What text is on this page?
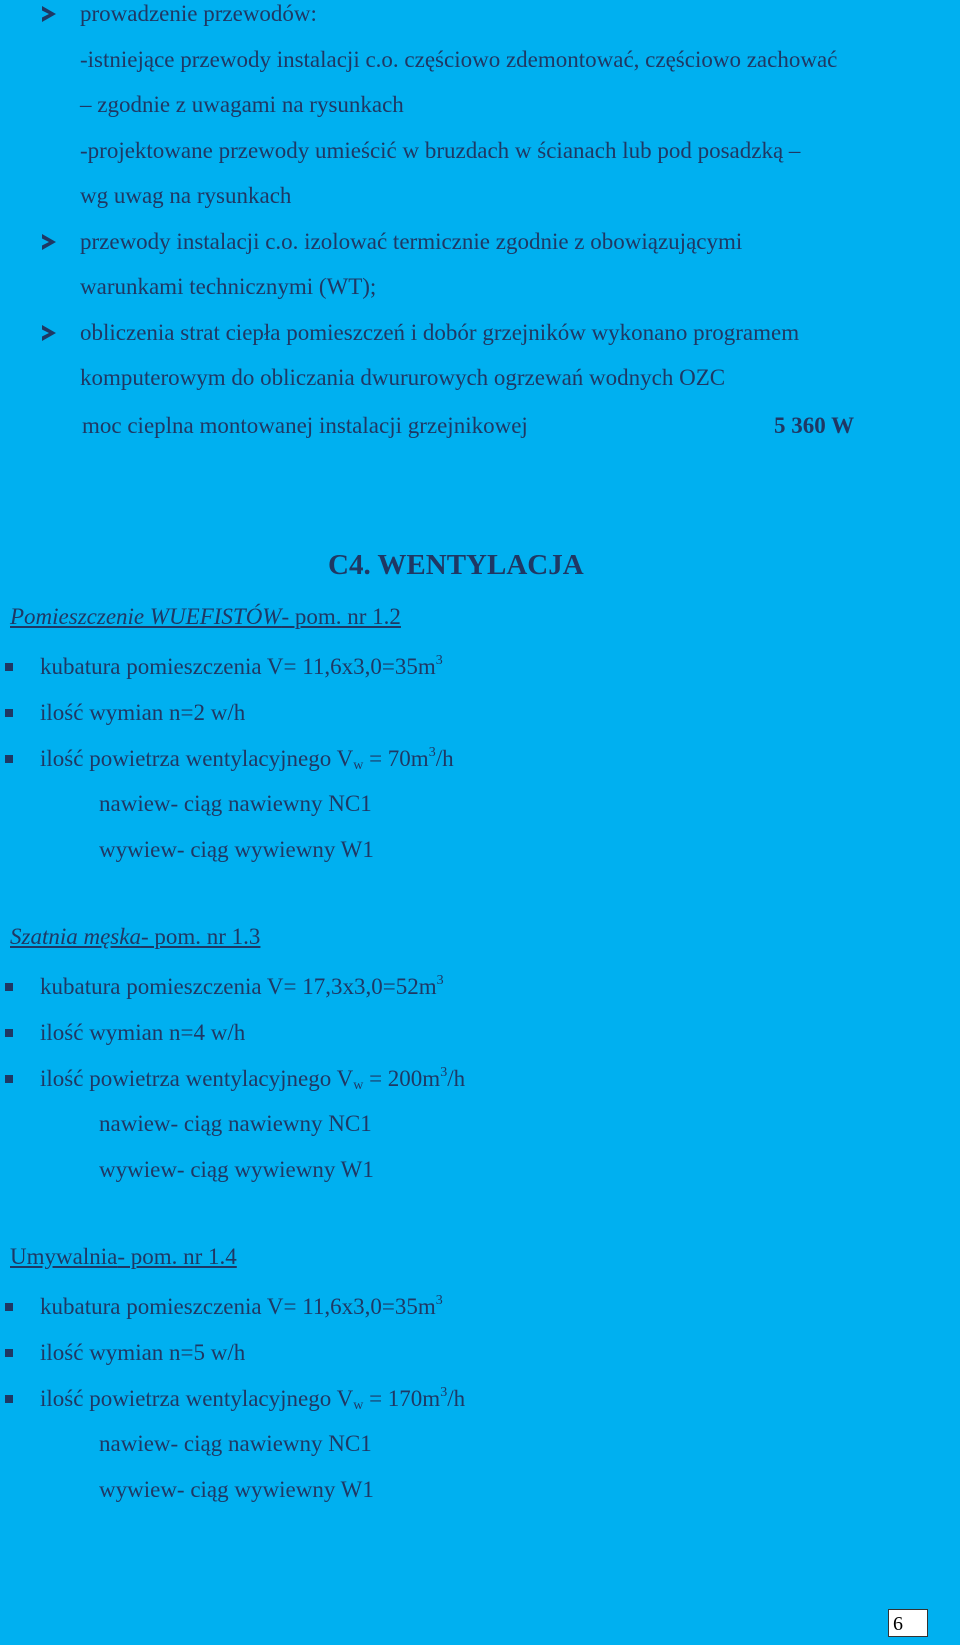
prowadzenie przewodów:
-istniejące przewody instalacji c.o. częściowo zdemontować, częściowo zachować
– zgodnie z uwagami na rysunkach
-projektowane przewody umieścić w bruzdach w ścianach lub pod posadzką –
wg uwag na rysunkach
przewody instalacji c.o. izolować termicznie zgodnie z obowiązującymi
warunkami technicznymi (WT);
obliczenia strat ciepła pomieszczeń i dobór grzejników wykonano programem
komputerowym do obliczania dwururowych ogrzewań wodnych OZC
moc cieplna montowanej instalacji grzejnikowej	5 360 W
C4. WENTYLACJA
Pomieszczenie WUEFISTÓW- pom. nr 1.2
kubatura pomieszczenia $V= 11,6x3,0=35m^3$
ilość wymian n=2 w/h
ilość powietrza wentylacyjnego $V_w = 70m^3/h$
nawiew- ciąg nawiewny NC1
wywiew- ciąg wywiewny W1
Szatnia męska- pom. nr 1.3
kubatura pomieszczenia $V= 17,3x3,0=52m^3$
ilość wymian n=4 w/h
ilość powietrza wentylacyjnego $V_w = 200m^3/h$
nawiew- ciąg nawiewny NC1
wywiew- ciąg wywiewny W1
Umywalnia- pom. nr 1.4
kubatura pomieszczenia $V= 11,6x3,0=35m^3$
ilość wymian n=5 w/h
ilość powietrza wentylacyjnego $V_w = 170m^3/h$
nawiew- ciąg nawiewny NC1
wywiew- ciąg wywiewny W1
6
